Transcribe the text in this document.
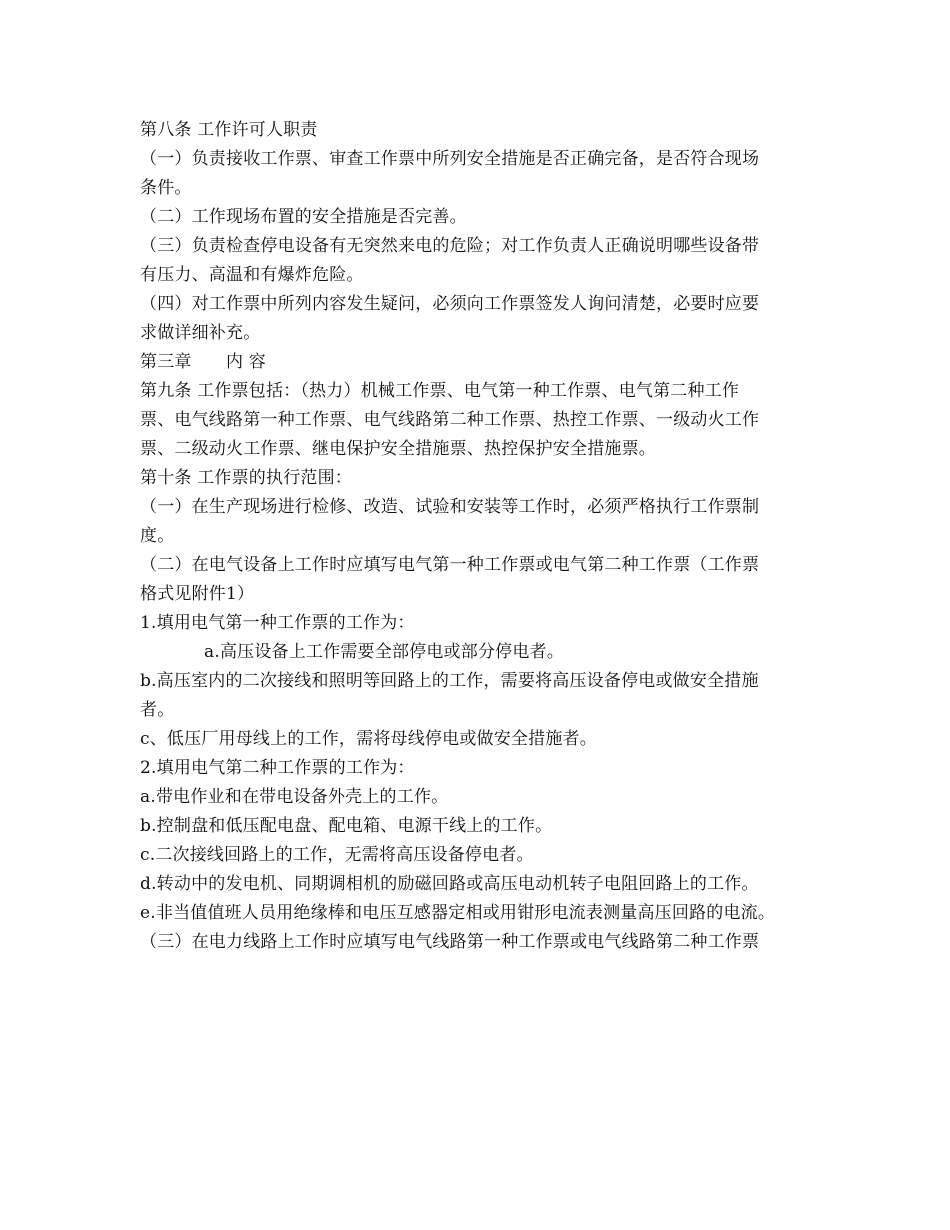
第八条 工作许可人职责
（一）负责接收工作票、审查工作票中所列安全措施是否正确完备，是否符合现场
条件。
（二）工作现场布置的安全措施是否完善。
（三）负责检查停电设备有无突然来电的危险；对工作负责人正确说明哪些设备带
有压力、高温和有爆炸危险。
（四）对工作票中所列内容发生疑问，必须向工作票签发人询问清楚，必要时应要
求做详细补充。
第三章　　内 容
第九条 工作票包括：（热力）机械工作票、电气第一种工作票、电气第二种工作
票、电气线路第一种工作票、电气线路第二种工作票、热控工作票、一级动火工作
票、二级动火工作票、继电保护安全措施票、热控保护安全措施票。
第十条 工作票的执行范围：
（一）在生产现场进行检修、改造、试验和安装等工作时，必须严格执行工作票制
度。
（二）在电气设备上工作时应填写电气第一种工作票或电气第二种工作票（工作票
格式见附件1）
1.填用电气第一种工作票的工作为：
a.高压设备上工作需要全部停电或部分停电者。
b.高压室内的二次接线和照明等回路上的工作，需要将高压设备停电或做安全措施
者。
c、低压厂用母线上的工作，需将母线停电或做安全措施者。
2.填用电气第二种工作票的工作为：
a.带电作业和在带电设备外壳上的工作。
b.控制盘和低压配电盘、配电箱、电源干线上的工作。
c.二次接线回路上的工作，无需将高压设备停电者。
d.转动中的发电机、同期调相机的励磁回路或高压电动机转子电阻回路上的工作。
e.非当值值班人员用绝缘棒和电压互感器定相或用钳形电流表测量高压回路的电流。
（三）在电力线路上工作时应填写电气线路第一种工作票或电气线路第二种工作票
